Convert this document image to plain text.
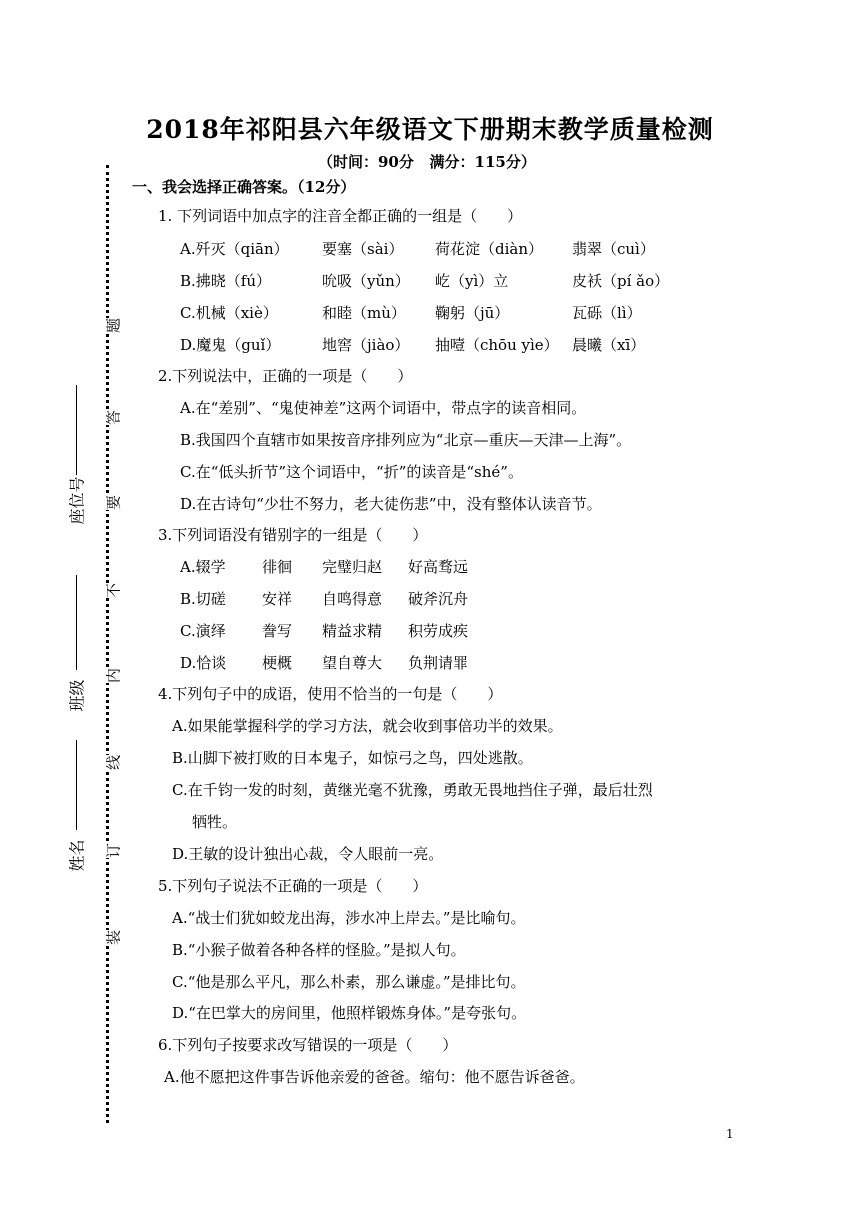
2018年祁阳县六年级语文下册期末教学质量检测
（时间：90分   满分：115分）
题
答
要
不
内
线
订
装
座位号
班级
姓名
一、我会选择正确答案。（12分）
1. 下列词语中加点字的注音全都正确的一组是（　　）
A.歼灭（qiān） 要塞（sài） 荷花淀（diàn） 翡翠（cuì）
B.拂晓（fú）	吮吸（yǔn） 屹（yì）立	皮袄（pí ǎo）
C.机械（xiè）	和睦（mù） 鞠躬（jū）	瓦砾（lì）
D.魔鬼（guǐ）	地窖（jiào） 抽噎（chōu yìe） 晨曦（xī）
2.下列说法中，正确的一项是（　　）
A.在“差别”、“鬼使神差”这两个词语中，带点字的读音相同。
B.我国四个直辖市如果按音序排列应为“北京—重庆—天津—上海”。
C.在“低头折节”这个词语中，“折”的读音是“shé”。
D.在古诗句“少壮不努力，老大徒伤悲”中，没有整体认读音节。
3.下列词语没有错别字的一组是（　　）
A.辍学 徘徊 完璧归赵 好高骛远
B.切磋 安祥 自鸣得意 破斧沉舟
C.演绎 誊写 精益求精 积劳成疾
D.恰谈 梗概 望自尊大 负荆请罪
4.下列句子中的成语，使用不恰当的一句是（　　）
A.如果能掌握科学的学习方法，就会收到事倍功半的效果。
B.山脚下被打败的日本鬼子，如惊弓之鸟，四处逃散。
C.在千钧一发的时刻，黄继光毫不犹豫，勇敢无畏地挡住子弹，最后壮烈
牺牲。
D.王敏的设计独出心裁，令人眼前一亮。
5.下列句子说法不正确的一项是（　　）
A.“战士们犹如蛟龙出海，涉水冲上岸去。”是比喻句。
B.“小猴子做着各种各样的怪脸。”是拟人句。
C.“他是那么平凡，那么朴素，那么谦虚。”是排比句。
D.“在巴掌大的房间里，他照样锻炼身体。”是夸张句。
6.下列句子按要求改写错误的一项是（　　）
A.他不愿把这件事告诉他亲爱的爸爸。缩句：他不愿告诉爸爸。
1
